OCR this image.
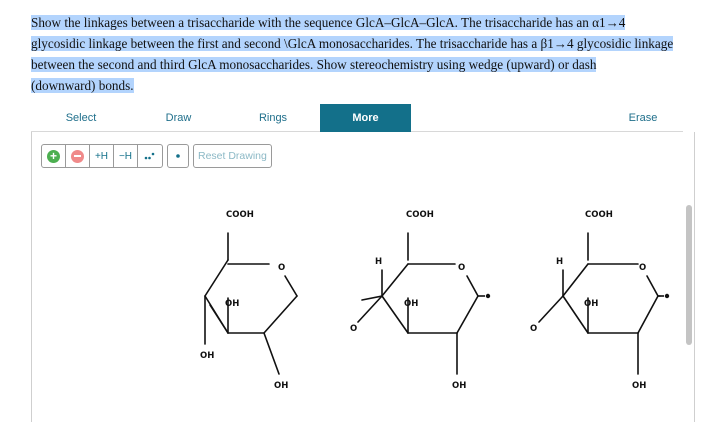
Show the linkages between a trisaccharide with the sequence GlcA–GlcA–GlcA. The trisaccharide has an α1→4
glycosidic linkage between the first and second \GlcA monosaccharides. The trisaccharide has a β1→4 glycosidic linkage
between the second and third GlcA monosaccharides. Show stereochemistry using wedge (upward) or dash
(downward) bonds.
Select	Draw	Rings	More	Erase
+	+H	−H	Reset Drawing
COOH
O
OH
OH
OH
H
COOH
O
OH
O
OH
H
COOH
O
OH
O
OH
